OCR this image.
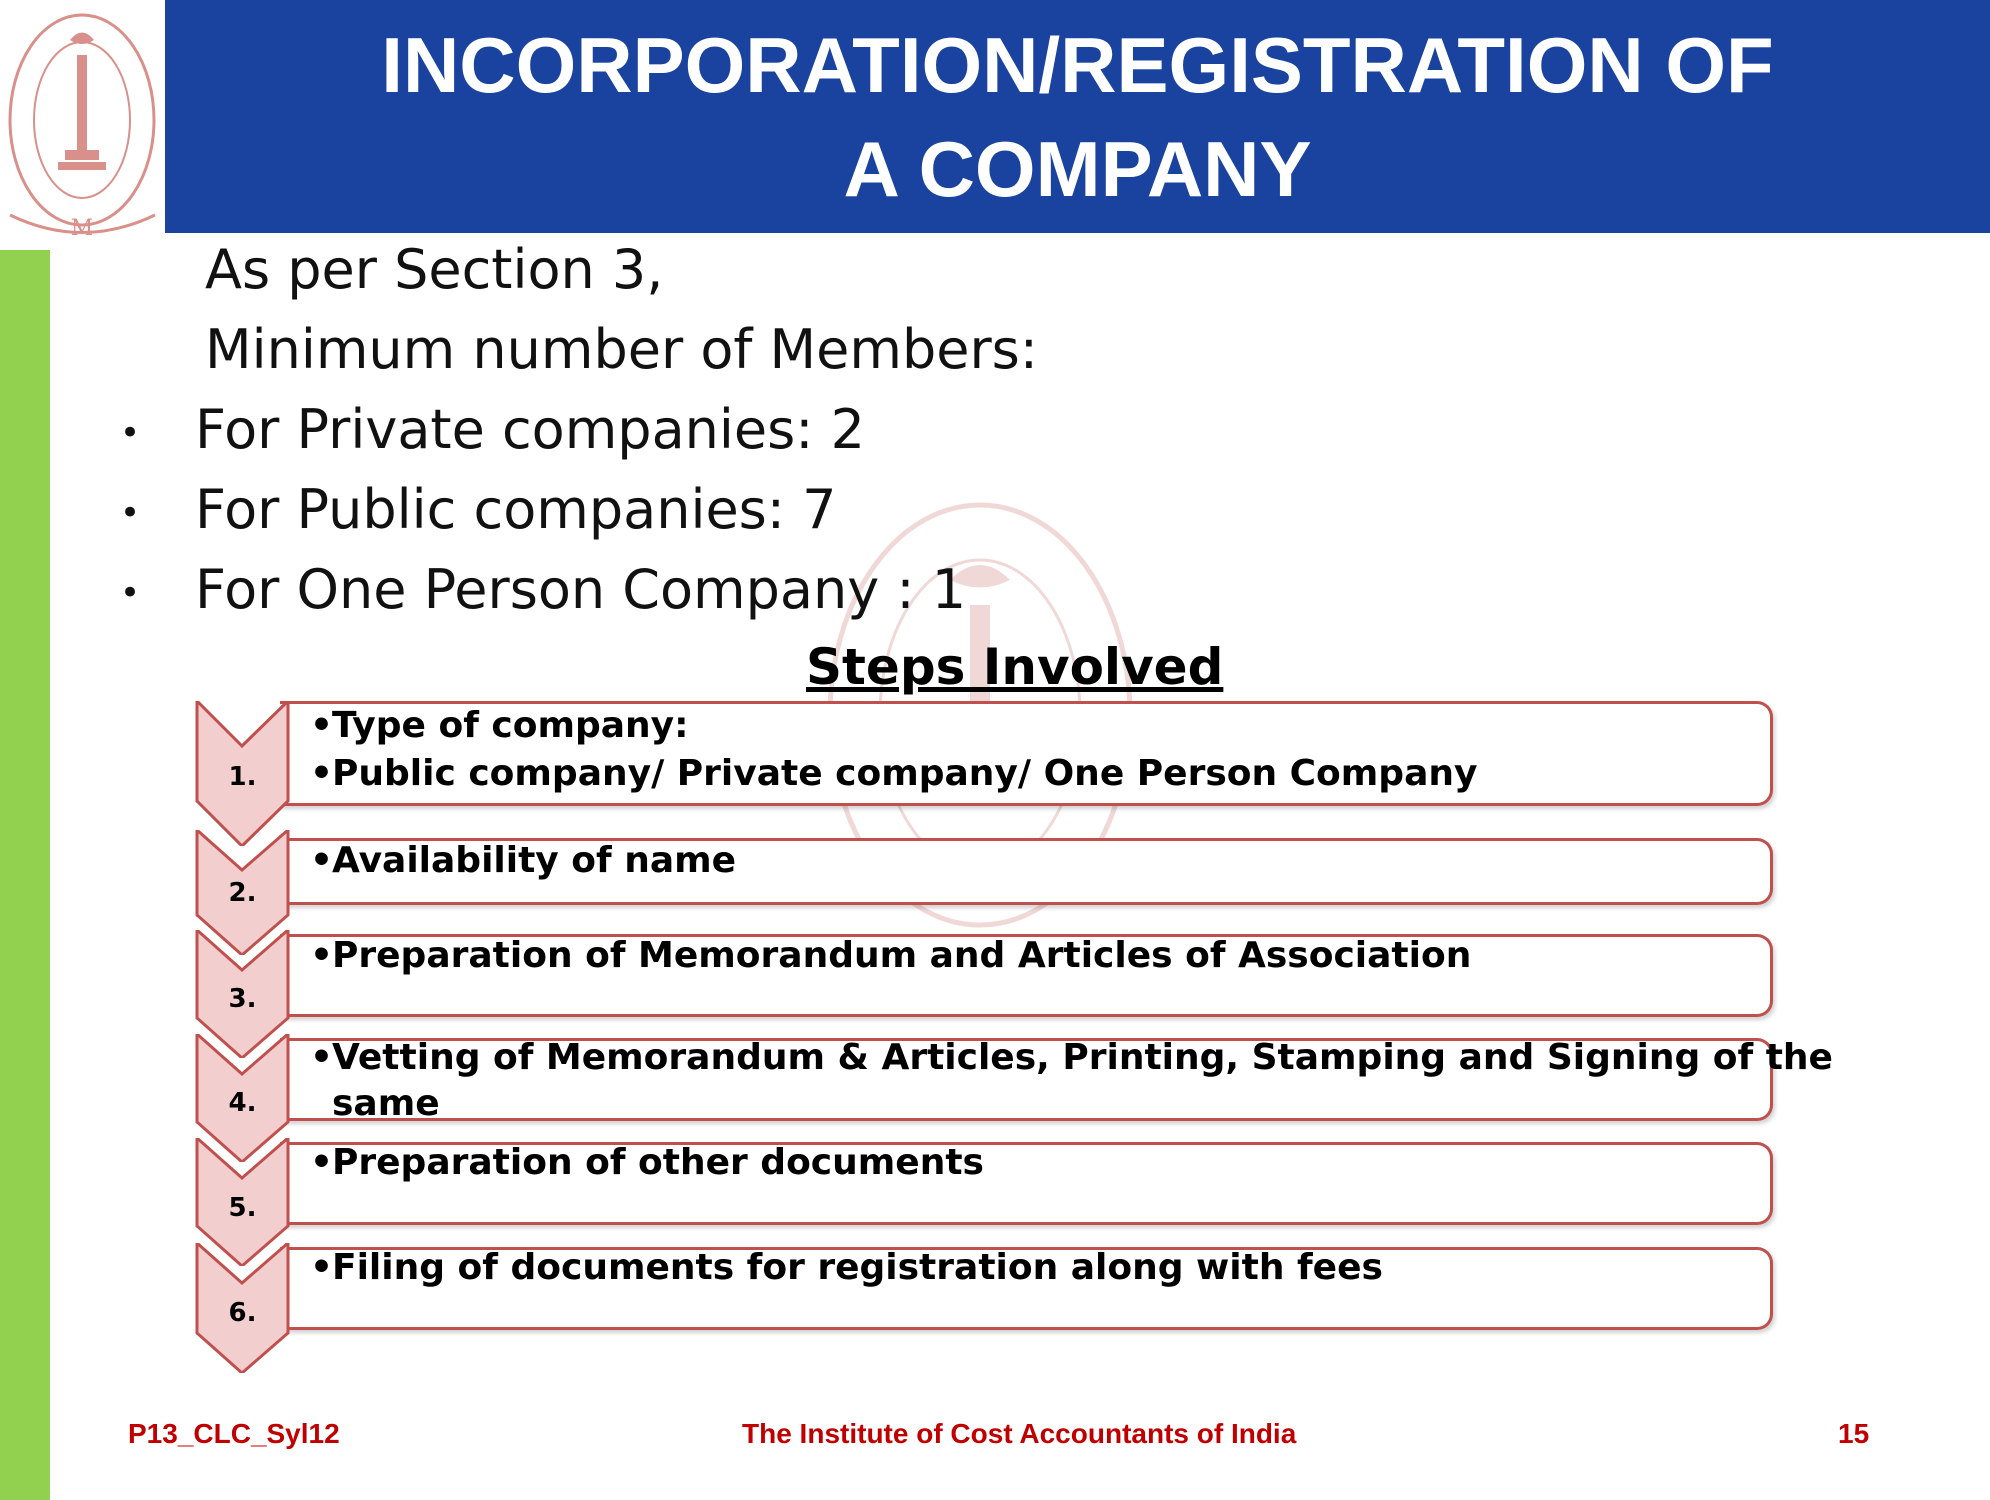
M
INCORPORATION/REGISTRATION OF A COMPANY
As per Section 3,
Minimum number of Members:
• For Private companies: 2
• For Public companies: 7
• For One Person Company : 1
Steps Involved
1.
•Type of company:
•Public company/ Private company/ One Person Company
2.
•Availability of name
3.
•Preparation of Memorandum and Articles of Association
4.
•Vetting of Memorandum & Articles, Printing, Stamping and Signing of the
same
5.
•Preparation of other documents
6.
•Filing of documents for registration along with fees
P13_CLC_Syl12	The Institute of Cost Accountants of India	15
